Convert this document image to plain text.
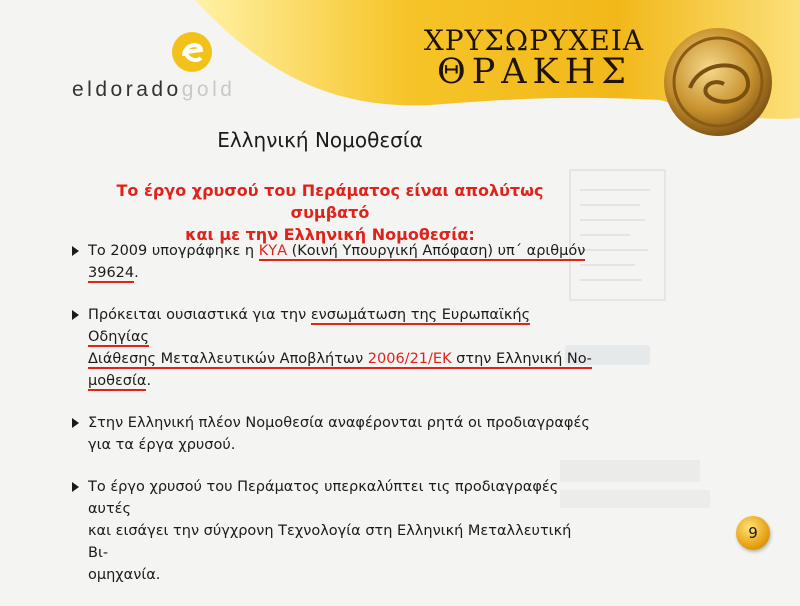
ΧΡΥΣΩΡΥΧΕΙΑ
ΘΡΑΚΗΣ
eldoradogold
Ελληνική Νομοθεσία
Το έργο χρυσού του Περάματος είναι απολύτως συμβατό
και με την Ελληνική Νομοθεσία:
Το 2009 υπογράφηκε η ΚΥΑ (Κοινή Υπουργική Απόφαση) υπ΄ αριθμόν
39624.
Πρόκειται ουσιαστικά για την ενσωμάτωση της Ευρωπαϊκής Οδηγίας
Διάθεσης Μεταλλευτικών Αποβλήτων 2006/21/ΕΚ στην Ελληνική Νο-
μοθεσία.
Στην Ελληνική πλέον Νομοθεσία αναφέρονται ρητά οι προδιαγραφές
για τα έργα χρυσού.
Το έργο χρυσού του Περάματος υπερκαλύπτει τις προδιαγραφές αυτές
και εισάγει την σύγχρονη Τεχνολογία στη Ελληνική Μεταλλευτική Βι-
ομηχανία.
9
